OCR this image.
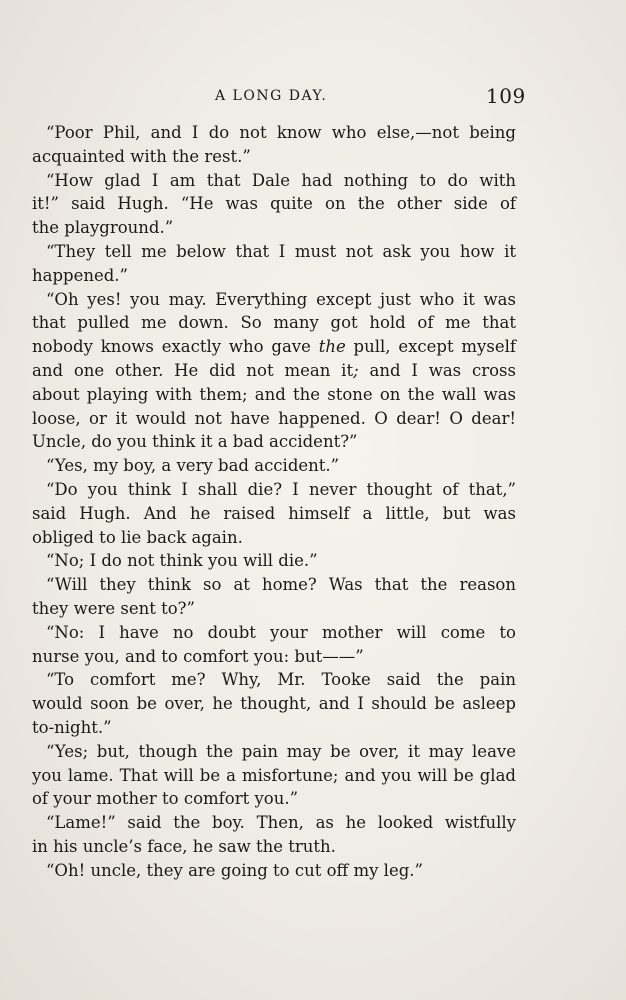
A LONG DAY.	109
“Poor Phil, and I do not know who else,—not being
acquainted with the rest.”
“How glad I am that Dale had nothing to do with
it!” said Hugh. “He was quite on the other side of
the playground.”
“They tell me below that I must not ask you how it
happened.”
“Oh yes! you may. Everything except just who it was
that pulled me down. So many got hold of me that
nobody knows exactly who gave the pull, except myself
and one other. He did not mean it; and I was cross
about playing with them; and the stone on the wall was
loose, or it would not have happened. O dear! O dear!
Uncle, do you think it a bad accident?”
“Yes, my boy, a very bad accident.”
“Do you think I shall die? I never thought of that,”
said Hugh. And he raised himself a little, but was
obliged to lie back again.
“No; I do not think you will die.”
“Will they think so at home? Was that the reason
they were sent to?”
“No: I have no doubt your mother will come to
nurse you, and to comfort you: but——”
“To comfort me? Why, Mr. Tooke said the pain
would soon be over, he thought, and I should be asleep
to-night.”
“Yes; but, though the pain may be over, it may leave
you lame. That will be a misfortune; and you will be glad
of your mother to comfort you.”
“Lame!” said the boy. Then, as he looked wistfully
in his uncle’s face, he saw the truth.
“Oh! uncle, they are going to cut off my leg.”
